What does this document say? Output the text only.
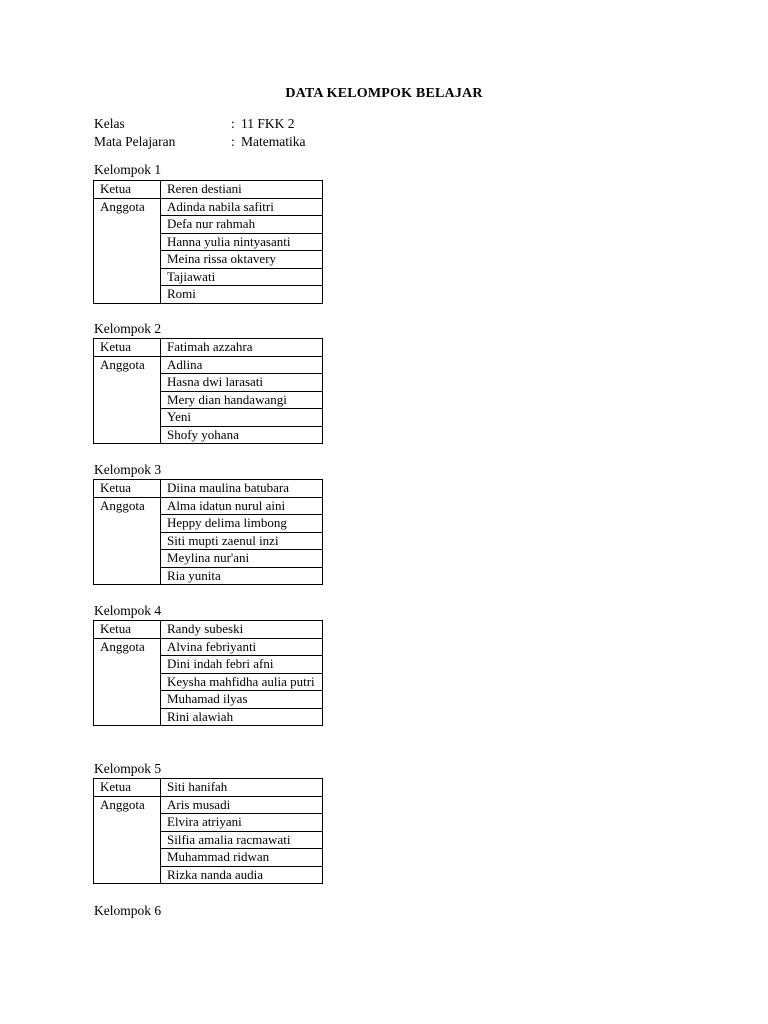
DATA KELOMPOK BELAJAR
Kelas	: 11 FKK 2
Mata Pelajaran	: Matematika
Kelompok 1
Ketua	Reren destiani
Anggota	Adinda nabila safitri
	Defa nur rahmah
	Hanna yulia nintyasanti
	Meina rissa oktavery
	Tajiawati
	Romi
Kelompok 2
Ketua	Fatimah azzahra
Anggota	Adlina
	Hasna dwi larasati
	Mery dian handawangi
	Yeni
	Shofy yohana
Kelompok 3
Ketua	Diina maulina batubara
Anggota	Alma idatun nurul aini
	Heppy delima limbong
	Siti mupti zaenul inzi
	Meylina nur'ani
	Ria yunita
Kelompok 4
Ketua	Randy subeski
Anggota	Alvina febriyanti
	Dini indah febri afni
	Keysha mahfidha aulia putri
	Muhamad ilyas
	Rini alawiah
Kelompok 5
Ketua	Siti hanifah
Anggota	Aris musadi
	Elvira atriyani
	Silfia amalia racmawati
	Muhammad ridwan
	Rizka nanda audia
Kelompok 6
